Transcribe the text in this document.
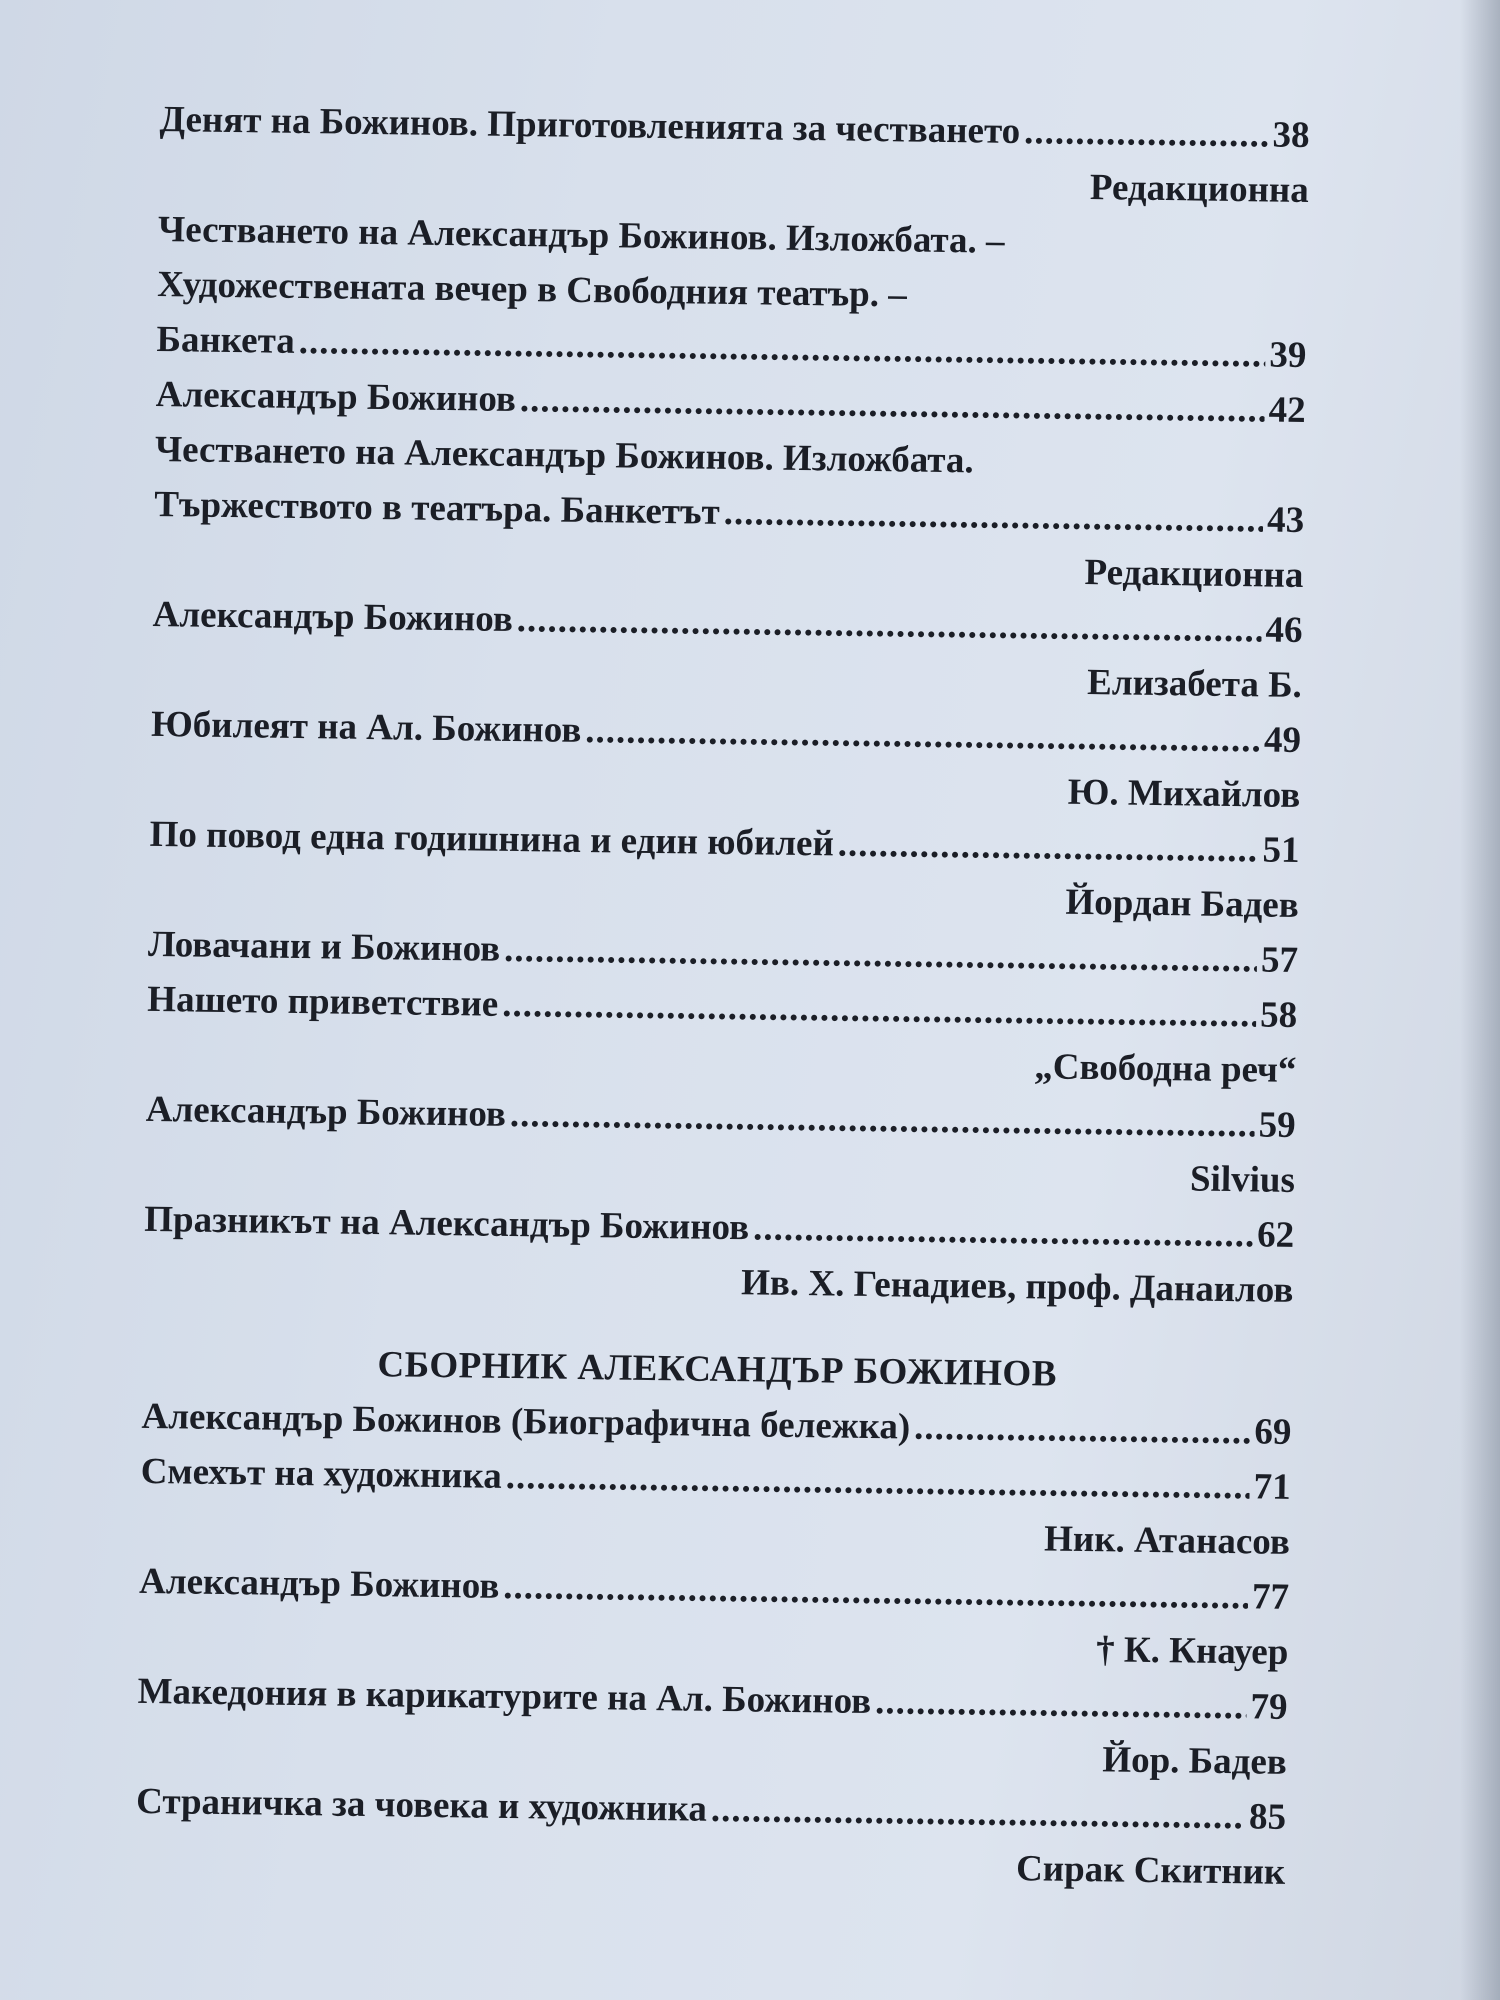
Денят на Божинов. Приготовленията за честването .....	38
Редакционна
Честването на Александър Божинов. Изложбата. –
Художествената вечер в Свободния театър. –
Банкета .....	39
Александър Божинов .....	42
Честването на Александър Божинов. Изложбата.
Тържеството в театъра. Банкетът .....	43
Редакционна
Александър Божинов .....	46
Елизабета Б.
Юбилеят на Ал. Божинов .....	49
Ю. Михайлов
По повод една годишнина и един юбилей .....	51
Йордан Бадев
Ловачани и Божинов .....	57
Нашето приветствие .....	58
„Свободна реч“
Александър Божинов .....	59
Silvius
Празникът на Александър Божинов .....	62
Ив. Х. Генадиев, проф. Данаилов
СБОРНИК АЛЕКСАНДЪР БОЖИНОВ
Александър Божинов (Биографична бележка) .....	69
Смехът на художника .....	71
Ник. Атанасов
Александър Божинов .....	77
† К. Кнауер
Македония в карикатурите на Ал. Божинов .....	79
Йор. Бадев
Страничка за човека и художника .....	85
Сирак Скитник
